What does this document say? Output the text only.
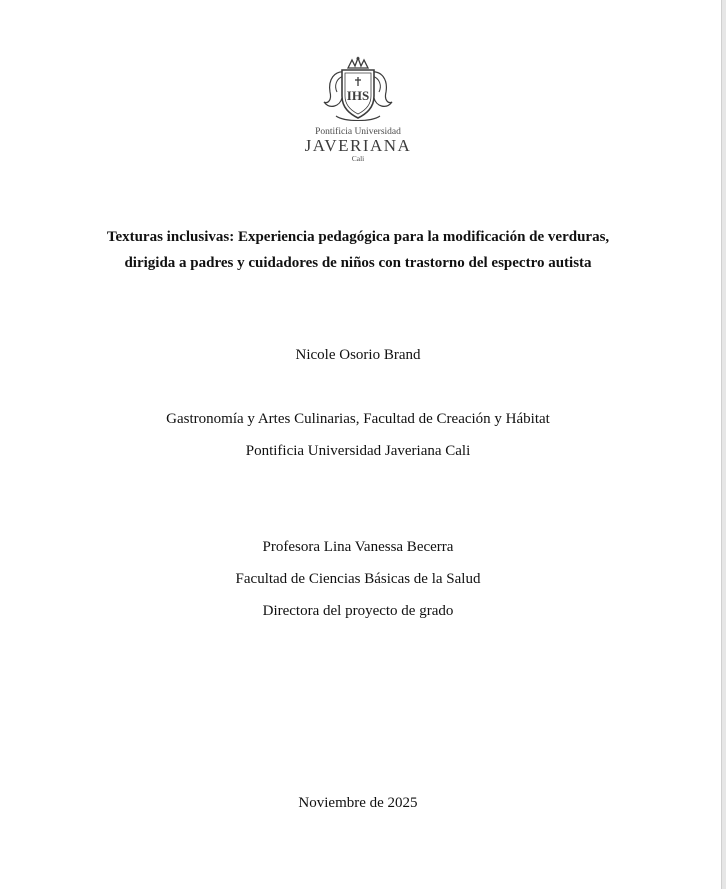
IHS
Pontificia Universidad
JAVERIANA
Cali
Texturas inclusivas: Experiencia pedagógica para la modificación de verduras,
dirigida a padres y cuidadores de niños con trastorno del espectro autista
Nicole Osorio Brand
Gastronomía y Artes Culinarias, Facultad de Creación y Hábitat
Pontificia Universidad Javeriana Cali
Profesora Lina Vanessa Becerra
Facultad de Ciencias Básicas de la Salud
Directora del proyecto de grado
Noviembre de 2025
